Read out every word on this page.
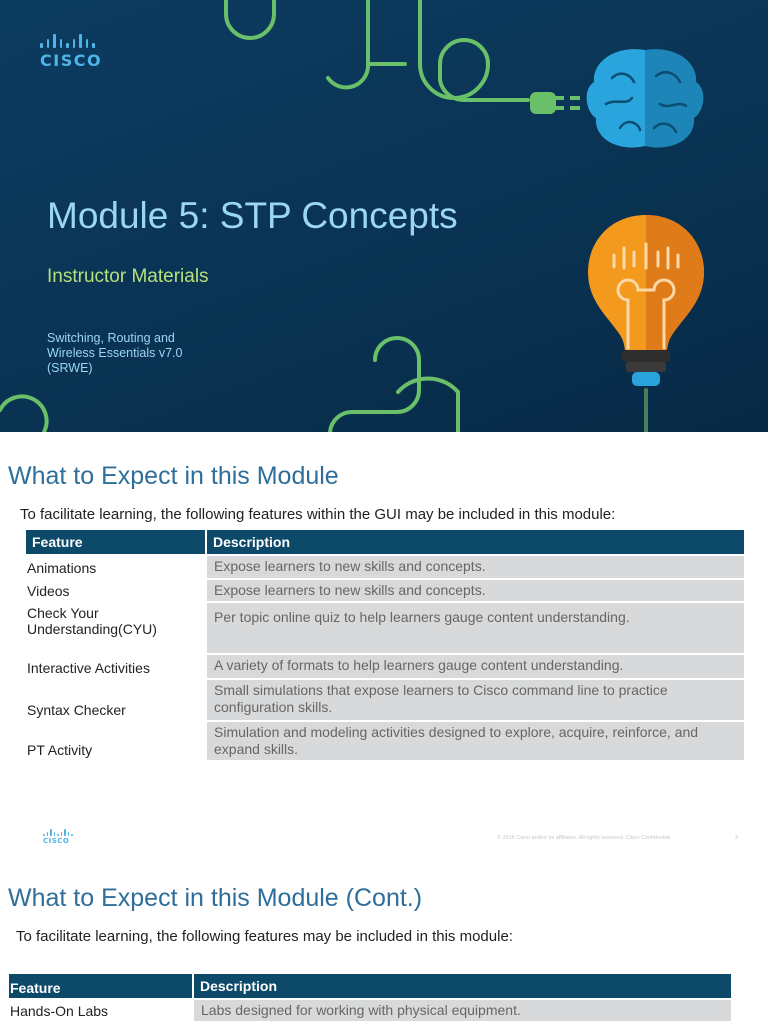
CISCO
Module 5: STP Concepts
Instructor Materials
Switching, Routing and
Wireless Essentials v7.0
(SRWE)
What to Expect in this Module
To facilitate learning, the following features within the GUI may be included in this module:
Feature	Description
Animations	Expose learners to new skills and concepts.
Videos	Expose learners to new skills and concepts.
Check Your Understanding(CYU)	Per topic online quiz to help learners gauge content understanding.
Interactive Activities	A variety of formats to help learners gauge content understanding.
Syntax Checker	Small simulations that expose learners to Cisco command line to practice configuration skills.
PT Activity	Simulation and modeling activities designed to explore, acquire, reinforce, and expand skills.
CISCO	© 2016 Cisco and/or its affiliates. All rights reserved. Cisco Confidential	3
What to Expect in this Module (Cont.)
To facilitate learning, the following features may be included in this module:
Feature	Description
Hands-On Labs	Labs designed for working with physical equipment.
